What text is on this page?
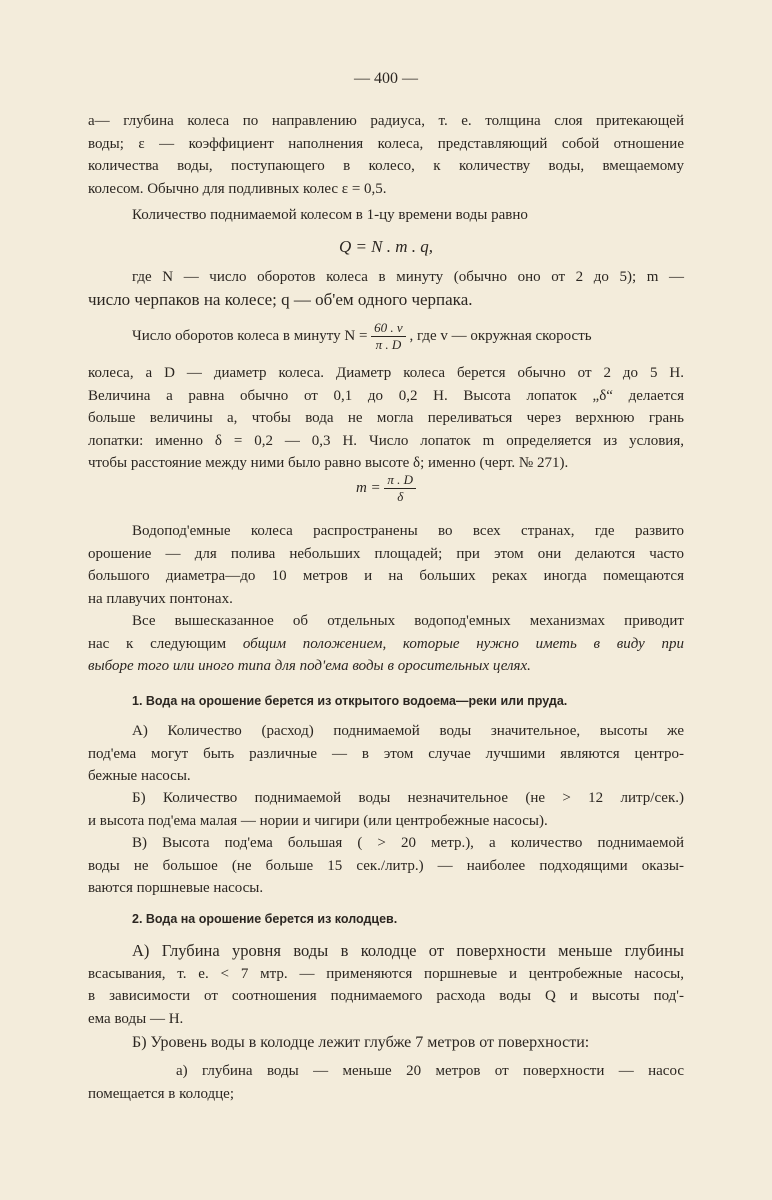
— 400 —
a— глубина колеса по направлению радиуса, т. е. толщина слоя притекающей
воды; ε — коэффициент наполнения колеса, представляющий собой отношение
количества воды, поступающего в колесо, к количеству воды, вмещаемому
колесом. Обычно для подливных колес ε = 0,5.
Количество поднимаемой колесом в 1-цу времени воды равно
Q = N . m . q,
где N — число оборотов колеса в минуту (обычно оно от 2 до 5); m —
число черпаков на колесе; q — об'ем одного черпака.
Число оборотов колеса в минуту $N = \frac{60 . v}{\pi . D}$ , где v — окружная скорость
колеса, а D — диаметр колеса. Диаметр колеса берется обычно от 2 до 5 Н.
Величина a равна обычно от 0,1 до 0,2 Н. Высота лопаток „δ“ делается
больше величины a, чтобы вода не могла переливаться через верхнюю грань
лопатки: именно δ = 0,2 — 0,3 Н. Число лопаток m определяется из условия,
чтобы расстояние между ними было равно высоте δ; именно (черт. № 271).
$m = \frac{\pi . D}{\delta}$
Водопод'емные колеса распространены во всех странах, где развито
орошение — для полива небольших площадей; при этом они делаются часто
большого диаметра—до 10 метров и на больших реках иногда помещаются
на плавучих понтонах.
Все вышесказанное об отдельных водопод'емных механизмах приводит
нас к следующим общим положением, которые нужно иметь в виду при
выборе того или иного типа для под'ема воды в оросительных целях.
1. Вода на орошение берется из открытого водоема—реки или пруда.
А) Количество (расход) поднимаемой воды значительное, высоты же
под'ема могут быть различные — в этом случае лучшими являются центро-
бежные насосы.
Б) Количество поднимаемой воды незначительное (не > 12 литр/сек.)
и высота под'ема малая — нории и чигири (или центробежные насосы).
В) Высота под'ема большая ( > 20 метр.), а количество поднимаемой
воды не большое (не больше 15 сек./литр.) — наиболее подходящими оказы-
ваются поршневые насосы.
2. Вода на орошение берется из колодцев.
А) Глубина уровня воды в колодце от поверхности меньше глубины
всасывания, т. е. < 7 мтр. — применяются поршневые и центробежные насосы,
в зависимости от соотношения поднимаемого расхода воды Q и высоты под'-
ема воды — Н.
Б) Уровень воды в колодце лежит глубже 7 метров от поверхности:
а) глубина воды — меньше 20 метров от поверхности — насос
помещается в колодце;
